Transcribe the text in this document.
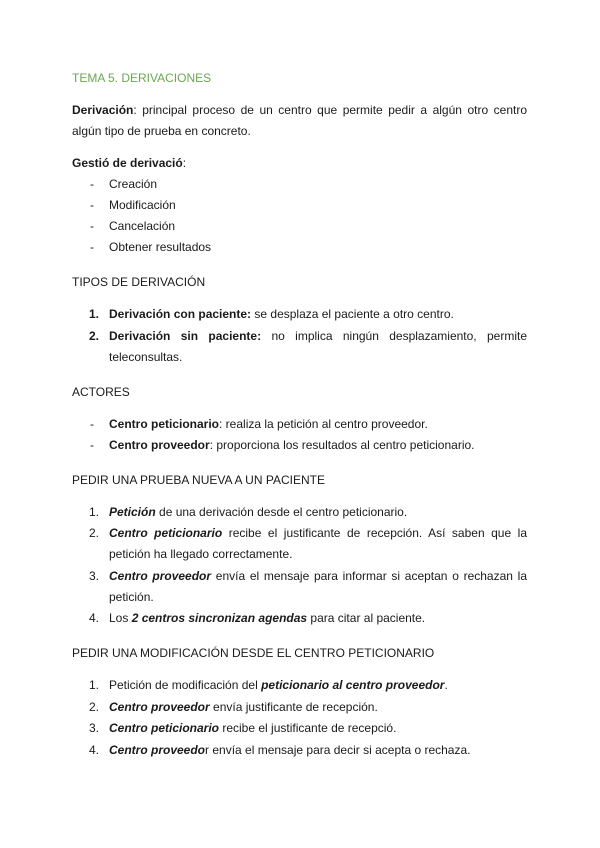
TEMA 5. DERIVACIONES

Derivación: principal proceso de un centro que permite pedir a algún otro centro algún tipo de prueba en concreto.

Gestió de derivació:
- Creación
- Modificación
- Cancelación
- Obtener resultados
TIPOS DE DERIVACIÓN
1. Derivación con paciente: se desplaza el paciente a otro centro.
2. Derivación sin paciente: no implica ningún desplazamiento, permite teleconsultas.
ACTORES
- Centro peticionario: realiza la petición al centro proveedor.
- Centro proveedor: proporciona los resultados al centro peticionario.
PEDIR UNA PRUEBA NUEVA A UN PACIENTE
1. Petición de una derivación desde el centro peticionario.
2. Centro peticionario recibe el justificante de recepción. Así saben que la petición ha llegado correctamente.
3. Centro proveedor envía el mensaje para informar si aceptan o rechazan la petición.
4. Los 2 centros sincronizan agendas para citar al paciente.
PEDIR UNA MODIFICACIÓN DESDE EL CENTRO PETICIONARIO
1. Petición de modificación del peticionario al centro proveedor.
2. Centro proveedor envía justificante de recepción.
3. Centro peticionario recibe el justificante de recepció.
4. Centro proveedor envía el mensaje para decir si acepta o rechaza.
